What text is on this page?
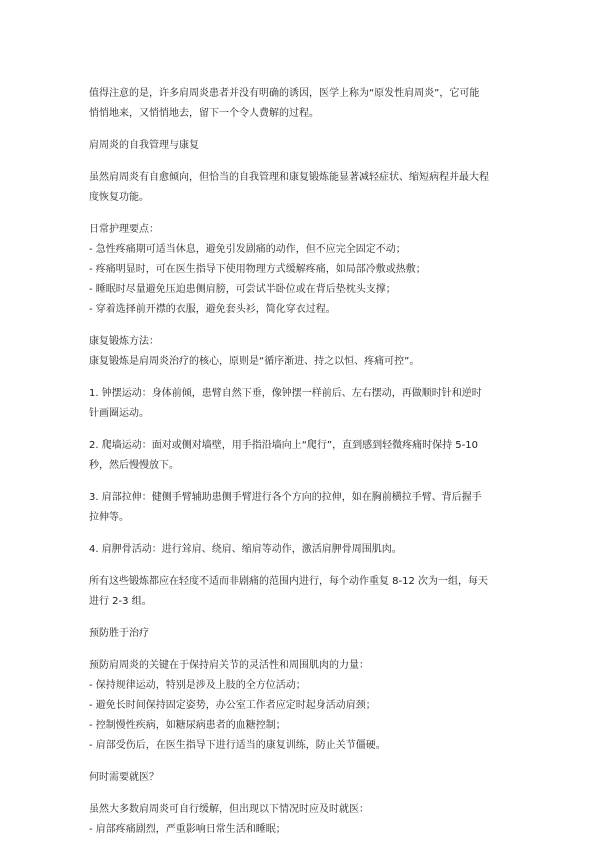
值得注意的是，许多肩周炎患者并没有明确的诱因，医学上称为“原发性肩周炎”，它可能
悄悄地来，又悄悄地去，留下一个令人费解的过程。
肩周炎的自我管理与康复
虽然肩周炎有自愈倾向，但恰当的自我管理和康复锻炼能显著减轻症状、缩短病程并最大程
度恢复功能。
日常护理要点：
- 急性疼痛期可适当休息，避免引发剧痛的动作，但不应完全固定不动；
- 疼痛明显时，可在医生指导下使用物理方式缓解疼痛，如局部冷敷或热敷；
- 睡眠时尽量避免压迫患侧肩膀，可尝试半卧位或在背后垫枕头支撑；
- 穿着选择前开襟的衣服，避免套头衫，简化穿衣过程。
康复锻炼方法：
康复锻炼是肩周炎治疗的核心，原则是“循序渐进、持之以恒、疼痛可控”。
1. 钟摆运动：身体前倾，患臂自然下垂，像钟摆一样前后、左右摆动，再做顺时针和逆时
针画圈运动。
2. 爬墙运动：面对或侧对墙壁，用手指沿墙向上“爬行”，直到感到轻微疼痛时保持 5-10
秒，然后慢慢放下。
3. 肩部拉伸：健侧手臂辅助患侧手臂进行各个方向的拉伸，如在胸前横拉手臂、背后握手
拉伸等。
4. 肩胛骨活动：进行耸肩、绕肩、缩肩等动作，激活肩胛骨周围肌肉。
所有这些锻炼都应在轻度不适而非剧痛的范围内进行，每个动作重复 8-12 次为一组，每天
进行 2-3 组。
预防胜于治疗
预防肩周炎的关键在于保持肩关节的灵活性和周围肌肉的力量：
- 保持规律运动，特别是涉及上肢的全方位活动；
- 避免长时间保持固定姿势，办公室工作者应定时起身活动肩颈；
- 控制慢性疾病，如糖尿病患者的血糖控制；
- 肩部受伤后，在医生指导下进行适当的康复训练，防止关节僵硬。
何时需要就医？
虽然大多数肩周炎可自行缓解，但出现以下情况时应及时就医：
- 肩部疼痛剧烈，严重影响日常生活和睡眠；
